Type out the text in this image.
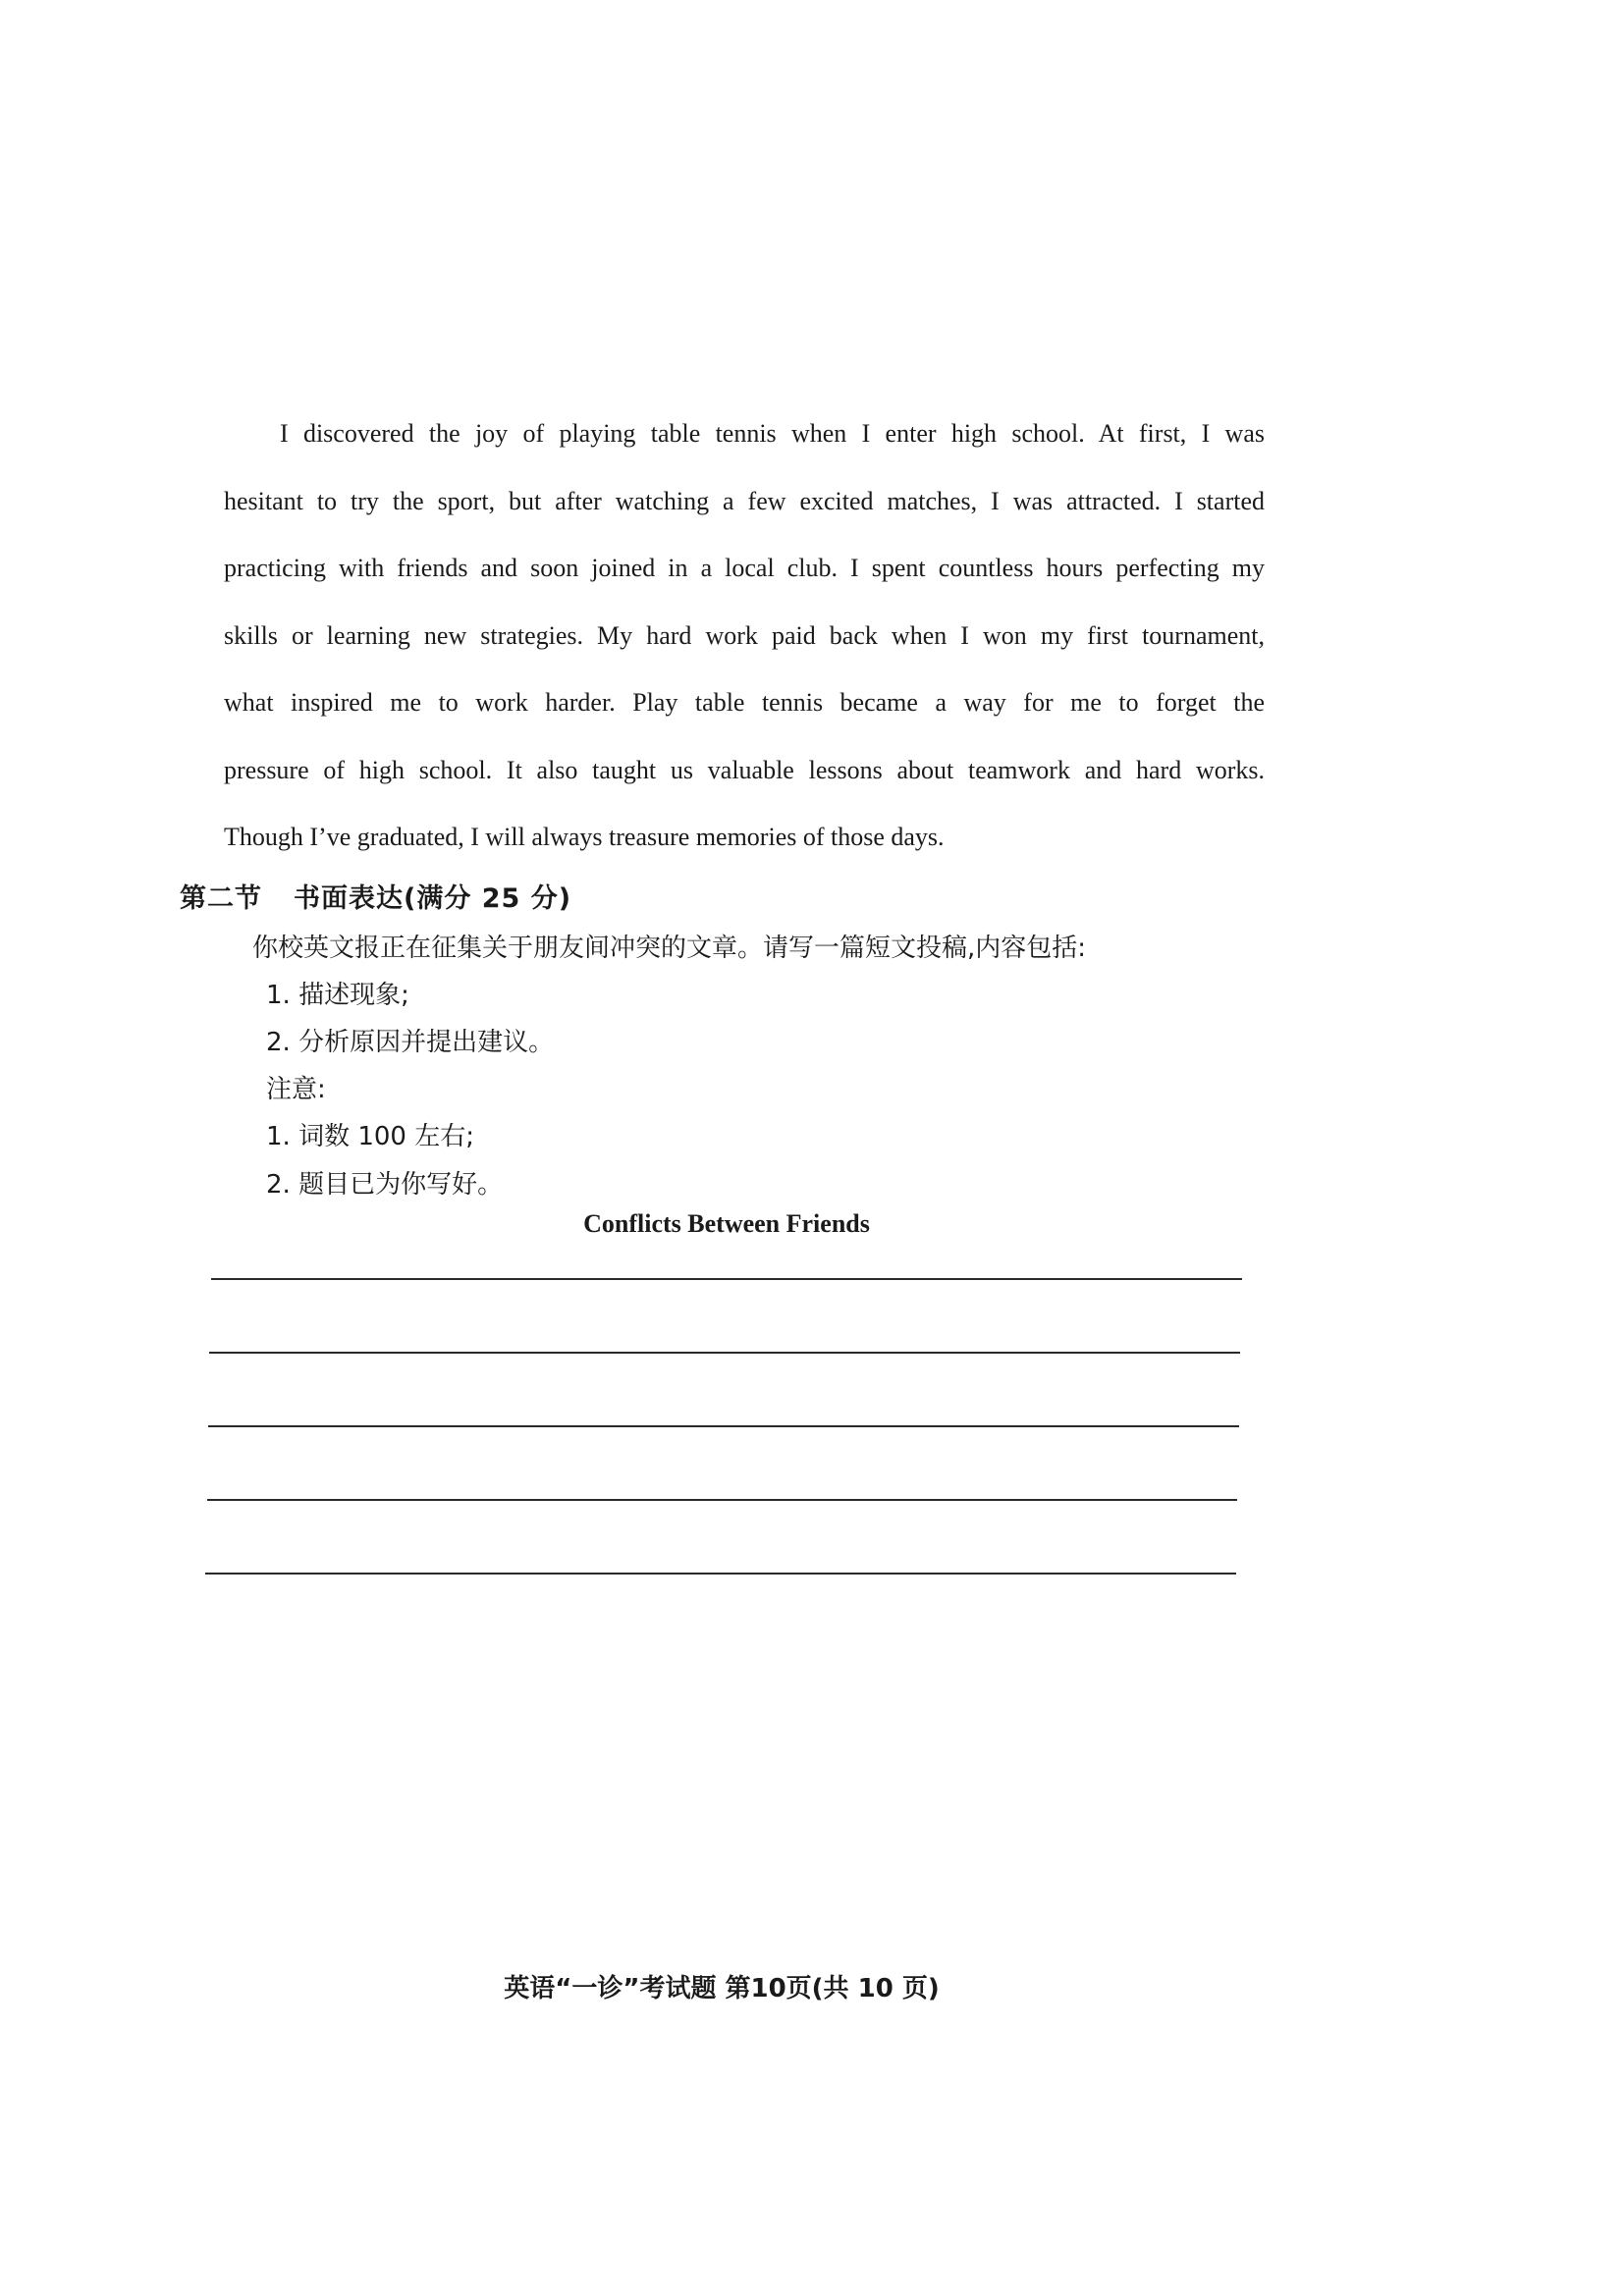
I discovered the joy of playing table tennis when I enter high school. At first, I was
hesitant to try the sport, but after watching a few excited matches, I was attracted. I started
practicing with friends and soon joined in a local club. I spent countless hours perfecting my
skills or learning new strategies. My hard work paid back when I won my first tournament,
what inspired me to work harder. Play table tennis became a way for me to forget the
pressure of high school. It also taught us valuable lessons about teamwork and hard works.
Though I’ve graduated, I will always treasure memories of those days.
第二节 书面表达(满分 25 分)
你校英文报正在征集关于朋友间冲突的文章。请写一篇短文投稿,内容包括:
1. 描述现象;
2. 分析原因并提出建议。
注意:
1. 词数 100 左右;
2. 题目已为你写好。
Conflicts Between Friends
英语“一诊”考试题 第10页(共 10 页)
